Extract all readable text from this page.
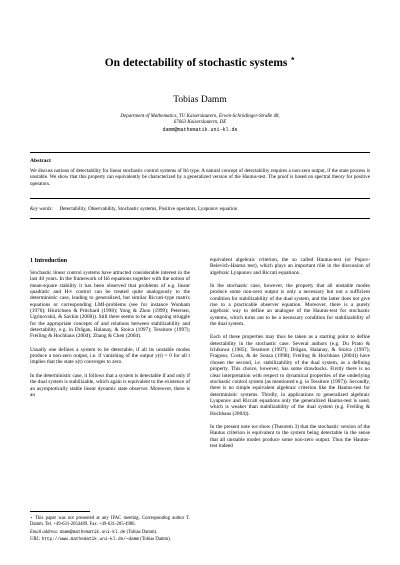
On detectability of stochastic systems ⋆
Tobias Damm
Department of Mathematics, TU Kaiserslautern, Erwin-Schrödinger-Straße 48,
67663 Kaiserslautern, DE
damm@mathematik.uni-kl.de
Abstract
We discuss notions of detectability for linear stochastic control systems of Itô type. A natural concept of detectability requires a non-zero output, if the state process is unstable. We show that this property can equivalently be characterized by a generalized version of the Hautus-test. The proof is based on spectral theory for positive operators.
Key words: Detectability, Observability, Stochastic systems, Positive operators, Lyapunov equation
1 Introduction

Stochastic linear control systems have attracted considerable interest in the last 40 years. In the framework of Itô equations together with the notion of mean-square stability it has been observed that problems of e.g. linear quadratic and H∞ control can be treated quite analogously to the deterministic case, leading to generalized, but similar Riccati-type matrix equations or corresponding LMI-problems (see for instance Wonham (1970); Hinrichsen & Pritchard (1998); Yong & Zhou (1999); Petersen, Ugrinovskii, & Savkin (2000)). Still there seems to be an ongoing struggle for the appropriate concepts of and relations between stabilizability and detectability, e.g. in Drăgan, Halanay, & Stoica (1997); Tessitore (1997); Freiling & Hochhaus (2004); Zhang & Chen (2004).

Usually one defines a system to be detectable, if all its unstable modes produce a non-zero output, i.e. if vanishing of the output y(t) = 0 for all t implies that the state x(t) converges to zero.

In the deterministic case, it follows that a system is detectable if and only if the dual system is stabilizable, which again is equivalent to the existence of an asymptotically stable linear dynamic state observer. Moreover, there is an

equivalent algebraic criterion, the so called Hautus-test (or Popov-Belevich-Hautus test), which plays an important rôle in the discussion of algebraic Lyapunov and Riccati equations.

In the stochastic case, however, the property that all unstable modes produce some non-zero output is only a necessary but not a sufficient condition for stabilizability of the dual system, and the latter does not give rise to a practicable observer equation. Moreover, there is a purely algebraic way to define an analogue of the Hautus-test for stochastic systems, which turns out to be a necessary condition for stabilizability of the dual system.

Each of these properties may thus be taken as a starting point to define detectability in the stochastic case. Several authors (e.g. Du Prato & Ichikawa (1985); Tessitore (1997); Drăgan, Halanay, & Stoica (1997); Fragoso, Costa, & de Souza (1998); Freiling & Hochhaus (2004)) have chosen the second, i.e. stabilizability of the dual system, as a defining property. This choice, however, has some drawbacks. Firstly there is no clear interpretation with respect to dynamical properties of the underlying stochastic control system (as mentioned e.g. in Tessitore (1997)). Secondly, there is no simple equivalent algebraic criterion like the Hautus-test for deterministic systems. Thirdly, in applications to generalized algebraic Lyapunov and Riccati equations only the generalized Hautus-test is used, which is weaker than stabilizability of the dual system (e.g. Freiling & Hochhaus (2004)).

In the present note we show (Theorem 3) that the stochastic version of the Hautus criterion is equivalent to the system being detectable in the sense that all unstable modes produce some non-zero output. Thus the Hautus-test indeed

⋆ This paper was not presented at any IFAC meeting. Corresponding author T. Damm. Tel. +49-631-2054489. Fax: +49-631-205-4986.

Email address: damm@mathematik.uni-kl.de (Tobias Damm).

URL: http://www.mathematik.uni-kl.de/~damm (Tobias Damm).
